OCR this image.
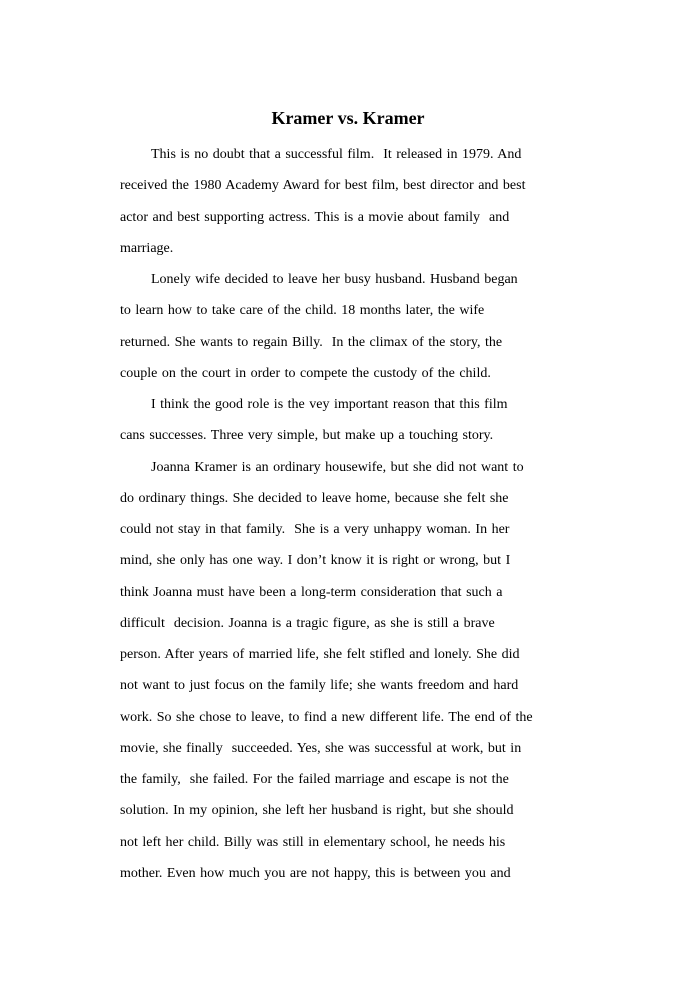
Kramer vs. Kramer
This is no doubt that a successful film.  It released in 1979. And
received the 1980 Academy Award for best film, best director and best
actor and best supporting actress. This is a movie about family  and
marriage.
Lonely wife decided to leave her busy husband. Husband began
to learn how to take care of the child. 18 months later, the wife
returned. She wants to regain Billy.  In the climax of the story, the
couple on the court in order to compete the custody of the child.
I think the good role is the vey important reason that this film
cans successes. Three very simple, but make up a touching story.
Joanna Kramer is an ordinary housewife, but she did not want to
do ordinary things. She decided to leave home, because she felt she
could not stay in that family.  She is a very unhappy woman. In her
mind, she only has one way. I don’t know it is right or wrong, but I
think Joanna must have been a long-term consideration that such a
difficult  decision. Joanna is a tragic figure, as she is still a brave
person. After years of married life, she felt stifled and lonely. She did
not want to just focus on the family life; she wants freedom and hard
work. So she chose to leave, to find a new different life. The end of the
movie, she finally  succeeded. Yes, she was successful at work, but in
the family,  she failed. For the failed marriage and escape is not the
solution. In my opinion, she left her husband is right, but she should
not left her child. Billy was still in elementary school, he needs his
mother. Even how much you are not happy, this is between you and
